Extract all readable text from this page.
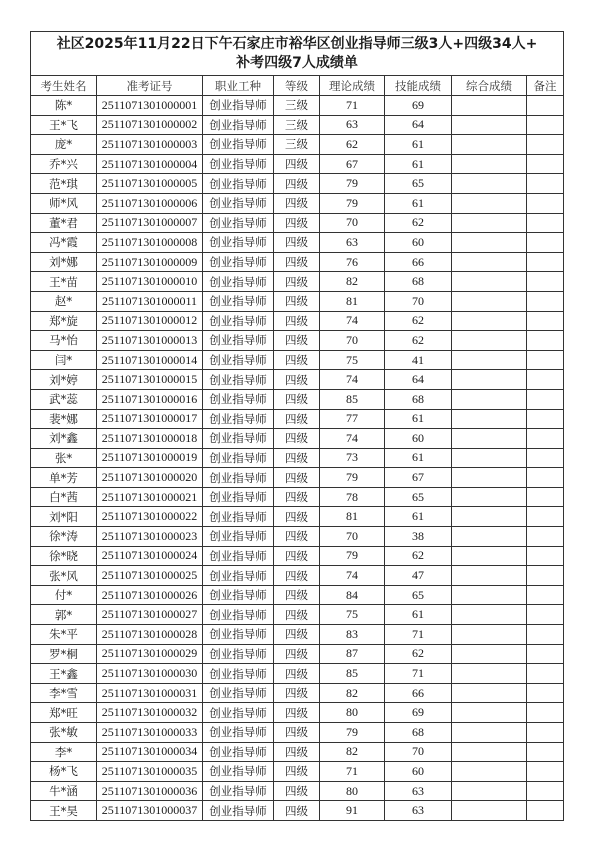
社区2025年11月22日下午石家庄市裕华区创业指导师三级3人+四级34人+
补考四级7人成绩单							

考生姓名	准考证号	职业工种	等级	理论成绩	技能成绩	综合成绩	备注
陈*	2511071301000001	创业指导师	三级	71	69		
王*飞	2511071301000002	创业指导师	三级	63	64		
庞*	2511071301000003	创业指导师	三级	62	61		
乔*兴	2511071301000004	创业指导师	四级	67	61		
范*琪	2511071301000005	创业指导师	四级	79	65		
师*风	2511071301000006	创业指导师	四级	79	61		
董*君	2511071301000007	创业指导师	四级	70	62		
冯*霞	2511071301000008	创业指导师	四级	63	60		
刘*娜	2511071301000009	创业指导师	四级	76	66		
王*苗	2511071301000010	创业指导师	四级	82	68		
赵*	2511071301000011	创业指导师	四级	81	70		
郑*旋	2511071301000012	创业指导师	四级	74	62		
马*怡	2511071301000013	创业指导师	四级	70	62		
闫*	2511071301000014	创业指导师	四级	75	41		
刘*婷	2511071301000015	创业指导师	四级	74	64		
武*蕊	2511071301000016	创业指导师	四级	85	68		
裴*娜	2511071301000017	创业指导师	四级	77	61		
刘*鑫	2511071301000018	创业指导师	四级	74	60		
张*	2511071301000019	创业指导师	四级	73	61		
单*芳	2511071301000020	创业指导师	四级	79	67		
白*茜	2511071301000021	创业指导师	四级	78	65		
刘*阳	2511071301000022	创业指导师	四级	81	61		
徐*涛	2511071301000023	创业指导师	四级	70	38		
徐*晓	2511071301000024	创业指导师	四级	79	62		
张*风	2511071301000025	创业指导师	四级	74	47		
付*	2511071301000026	创业指导师	四级	84	65		
郭*	2511071301000027	创业指导师	四级	75	61		
朱*平	2511071301000028	创业指导师	四级	83	71		
罗*桐	2511071301000029	创业指导师	四级	87	62		
王*鑫	2511071301000030	创业指导师	四级	85	71		
李*雪	2511071301000031	创业指导师	四级	82	66		
郑*旺	2511071301000032	创业指导师	四级	80	69		
张*敏	2511071301000033	创业指导师	四级	79	68		
李*	2511071301000034	创业指导师	四级	82	70		
杨*飞	2511071301000035	创业指导师	四级	71	60		
牛*涵	2511071301000036	创业指导师	四级	80	63		
王*昊	2511071301000037	创业指导师	四级	91	63		
